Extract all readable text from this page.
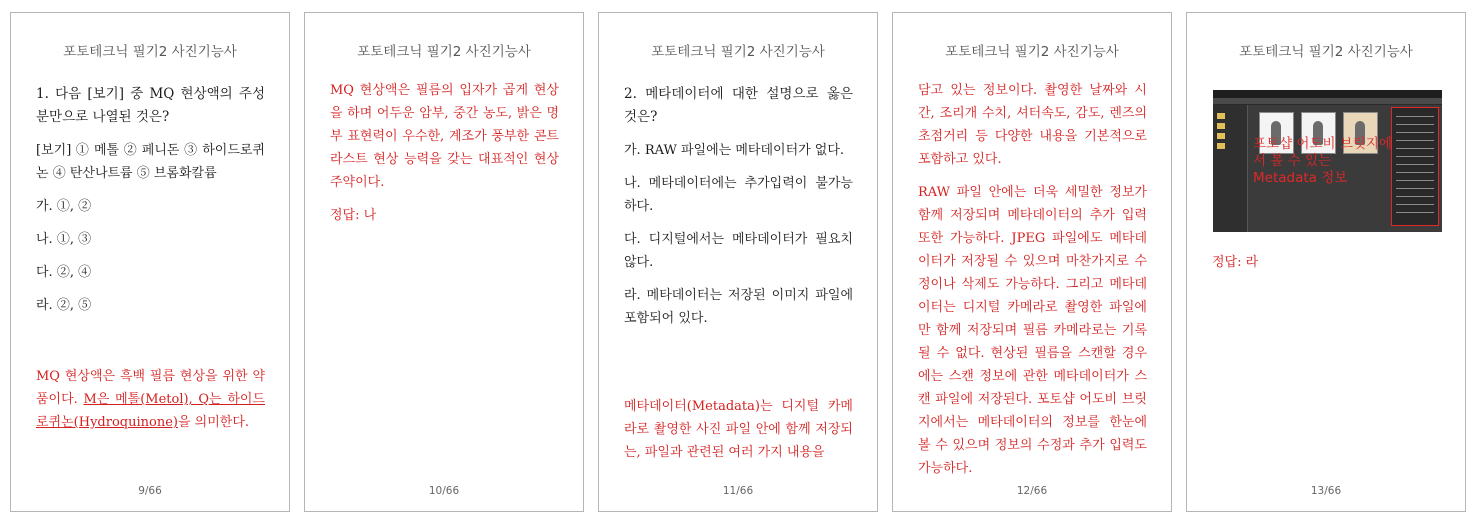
포토테크닉 필기2 사진기능사

1. 다음 [보기] 중 MQ 현상액의 주성분만으로 나열된 것은?

[보기] ① 메톨 ② 페니돈 ③ 하이드로퀴논 ④ 탄산나트륨 ⑤ 브롬화칼륨

가. ①, ②

나. ①, ③

다. ②, ④

라. ②, ⑤

MQ 현상액은 흑백 필름 현상을 위한 약품이다. M은 메톨(Metol), Q는 하이드로퀴논(Hydroquinone)을 의미한다.

9/66
포토테크닉 필기2 사진기능사

MQ 현상액은 필름의 입자가 곱게 현상을 하며 어두운 암부, 중간 농도, 밝은 명부 표현력이 우수한, 계조가 풍부한 콘트라스트 현상 능력을 갖는 대표적인 현상 주약이다.

정답: 나

10/66
포토테크닉 필기2 사진기능사

2. 메타데이터에 대한 설명으로 옳은 것은?

가. RAW 파일에는 메타데이터가 없다.

나. 메타데이터에는 추가입력이 불가능하다.

다. 디지털에서는 메타데이터가 필요치 않다.

라. 메타데이터는 저장된 이미지 파일에 포함되어 있다.

메타데이터(Metadata)는 디지털 카메라로 촬영한 사진 파일 안에 함께 저장되는, 파일과 관련된 여러 가지 내용을

11/66
포토테크닉 필기2 사진기능사

담고 있는 정보이다. 촬영한 날짜와 시간, 조리개 수치, 셔터속도, 감도, 렌즈의 초점거리 등 다양한 내용을 기본적으로 포함하고 있다.

RAW 파일 안에는 더욱 세밀한 정보가 함께 저장되며 메타데이터의 추가 입력 또한 가능하다. JPEG 파일에도 메타데이터가 저장될 수 있으며 마찬가지로 수정이나 삭제도 가능하다. 그리고 메타데이터는 디지털 카메라로 촬영한 파일에만 함께 저장되며 필름 카메라로는 기록될 수 없다. 현상된 필름을 스캔할 경우에는 스캔 정보에 관한 메타데이터가 스캔 파일에 저장된다. 포토샵 어도비 브릿지에서는 메타데이터의 정보를 한눈에 볼 수 있으며 정보의 수정과 추가 입력도 가능하다.

12/66
포토테크닉 필기2 사진기능사
포토샵 어도비 브릿지에서 볼 수 있는 Metadata 정보

정답: 라

13/66
